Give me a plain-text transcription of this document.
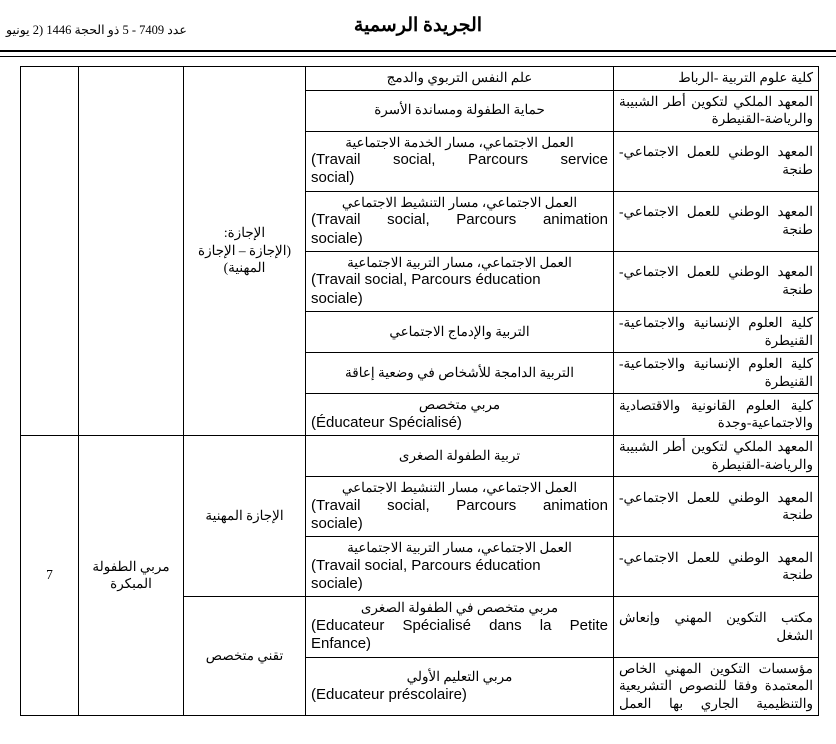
الجريدة الرسمية
عدد 7409 - 5 ذو الحجة 1446 (2 يونيو
كلية علوم التربية -الرباط	علم النفس التربوي والدمج	الإجازة:
(الإجازة – الإجازة
المهنية)		

المعهد الملكي لتكوين أطر الشبيبة والرياضة-القنيطرة	حماية الطفولة ومساندة الأسرة			

المعهد الوطني للعمل الاجتماعي-طنجة	العمل الاجتماعي، مسار الخدمة الاجتماعية
(Travail social, Parcours service
social)			

المعهد الوطني للعمل الاجتماعي-طنجة	العمل الاجتماعي، مسار التنشيط الاجتماعي
(Travail social, Parcours animation
sociale)			

المعهد الوطني للعمل الاجتماعي-طنجة	العمل الاجتماعي، مسار التربية الاجتماعية
(Travail social, Parcours éducation
sociale)			

كلية العلوم الإنسانية والاجتماعية-القنيطرة	التربية والإدماج الاجتماعي			

كلية العلوم الإنسانية والاجتماعية-القنيطرة	التربية الدامجة للأشخاص في وضعية إعاقة			

كلية العلوم القانونية والاقتصادية والاجتماعية-وجدة	مربي متخصص
(Éducateur Spécialisé)			

المعهد الملكي لتكوين أطر الشبيبة والرياضة-القنيطرة	تربية الطفولة الصغرى	الإجازة المهنية	مربي الطفولة المبكرة	7
المعهد الوطني للعمل الاجتماعي-طنجة	العمل الاجتماعي، مسار التنشيط الاجتماعي
(Travail social, Parcours animation
sociale)			

المعهد الوطني للعمل الاجتماعي-طنجة	العمل الاجتماعي، مسار التربية الاجتماعية
(Travail social, Parcours éducation
sociale)			

مكتب التكوين المهني وإنعاش الشغل	مربي متخصص في الطفولة الصغرى
(Educateur Spécialisé dans la Petite
Enfance)	تقني متخصص		
مؤسسات التكوين المهني الخاص المعتمدة وفقا للنصوص التشريعية والتنظيمية الجاري بها العمل	مربي التعليم الأولي
(Educateur préscolaire)			
